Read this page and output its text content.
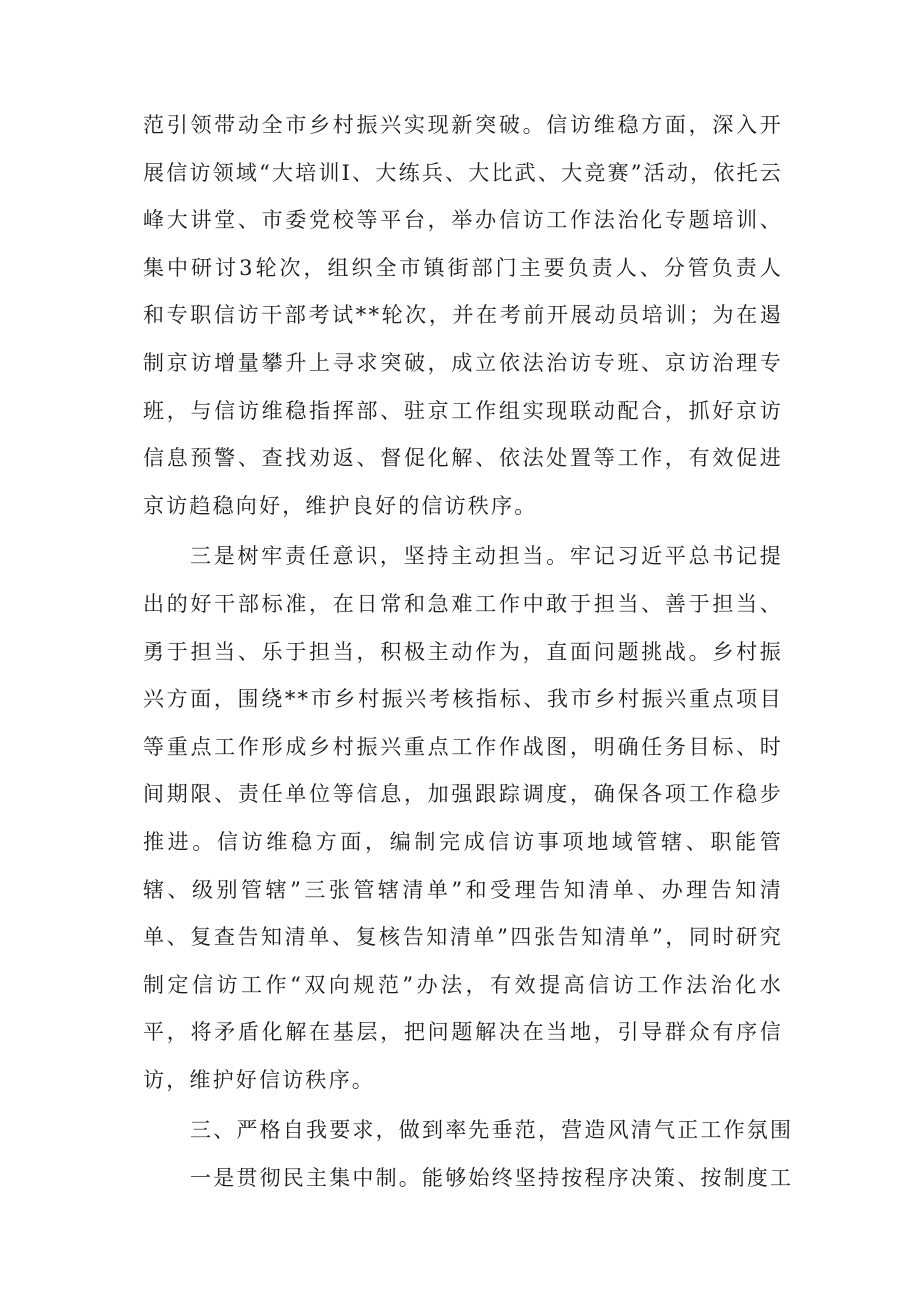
范引领带动全市乡村振兴实现新突破。信访维稳方面，深入开展信访领域“大培训I、大练兵、大比武、大竞赛”活动，依托云峰大讲堂、市委党校等平台，举办信访工作法治化专题培训、集中研讨3轮次，组织全市镇街部门主要负责人、分管负责人和专职信访干部考试**轮次，并在考前开展动员培训；为在遏制京访增量攀升上寻求突破，成立依法治访专班、京访治理专班，与信访维稳指挥部、驻京工作组实现联动配合，抓好京访信息预警、查找劝返、督促化解、依法处置等工作，有效促进京访趋稳向好，维护良好的信访秩序。

三是树牢责任意识，坚持主动担当。牢记习近平总书记提出的好干部标准，在日常和急难工作中敢于担当、善于担当、勇于担当、乐于担当，积极主动作为，直面问题挑战。乡村振兴方面，围绕**市乡村振兴考核指标、我市乡村振兴重点项目等重点工作形成乡村振兴重点工作作战图，明确任务目标、时间期限、责任单位等信息，加强跟踪调度，确保各项工作稳步推进。信访维稳方面，编制完成信访事项地域管辖、职能管辖、级别管辖”三张管辖清单”和受理告知清单、办理告知清单、复查告知清单、复核告知清单”四张告知清单”，同时研究制定信访工作“双向规范”办法，有效提高信访工作法治化水平，将矛盾化解在基层，把问题解决在当地，引导群众有序信访，维护好信访秩序。

三、严格自我要求，做到率先垂范，营造风清气正工作氛围

一是贯彻民主集中制。能够始终坚持按程序决策、按制度工
